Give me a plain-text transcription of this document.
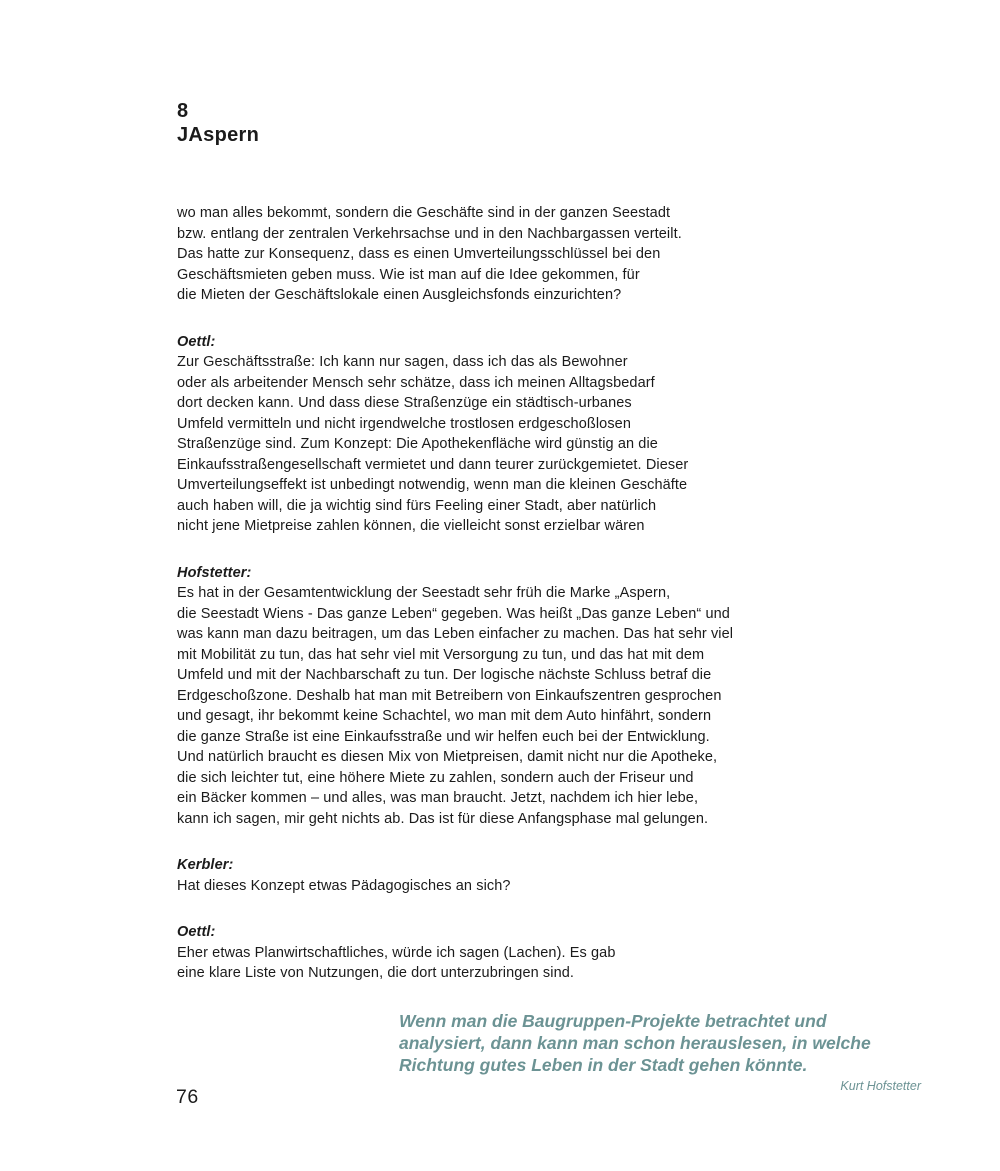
8
JAspern
wo man alles bekommt, sondern die Geschäfte sind in der ganzen Seestadt
bzw. entlang der zentralen Verkehrsachse und in den Nachbargassen verteilt.
Das hatte zur Konsequenz, dass es einen Umverteilungsschlüssel bei den
Geschäftsmieten geben muss. Wie ist man auf die Idee gekommen, für
die Mieten der Geschäftslokale einen Ausgleichsfonds einzurichten?
Oettl:
Zur Geschäftsstraße: Ich kann nur sagen, dass ich das als Bewohner
oder als arbeitender Mensch sehr schätze, dass ich meinen Alltagsbedarf
dort decken kann. Und dass diese Straßenzüge ein städtisch-urbanes
Umfeld vermitteln und nicht irgendwelche trostlosen erdgeschoßlosen
Straßenzüge sind. Zum Konzept: Die Apothekenfläche wird günstig an die
Einkaufsstraßengesellschaft vermietet und dann teurer zurückgemietet. Dieser
Umverteilungseffekt ist unbedingt notwendig, wenn man die kleinen Geschäfte
auch haben will, die ja wichtig sind fürs Feeling einer Stadt, aber natürlich
nicht jene Mietpreise zahlen können, die vielleicht sonst erzielbar wären
Hofstetter:
Es hat in der Gesamtentwicklung der Seestadt sehr früh die Marke „Aspern,
die Seestadt Wiens - Das ganze Leben“ gegeben. Was heißt „Das ganze Leben“ und
was kann man dazu beitragen, um das Leben einfacher zu machen. Das hat sehr viel
mit Mobilität zu tun, das hat sehr viel mit Versorgung zu tun, und das hat mit dem
Umfeld und mit der Nachbarschaft zu tun. Der logische nächste Schluss betraf die
Erdgeschoßzone. Deshalb hat man mit Betreibern von Einkaufszentren gesprochen
und gesagt, ihr bekommt keine Schachtel, wo man mit dem Auto hinfährt, sondern
die ganze Straße ist eine Einkaufsstraße und wir helfen euch bei der Entwicklung.
Und natürlich braucht es diesen Mix von Mietpreisen, damit nicht nur die Apotheke,
die sich leichter tut, eine höhere Miete zu zahlen, sondern auch der Friseur und
ein Bäcker kommen – und alles, was man braucht. Jetzt, nachdem ich hier lebe,
kann ich sagen, mir geht nichts ab. Das ist für diese Anfangsphase mal gelungen.
Kerbler:
Hat dieses Konzept etwas Pädagogisches an sich?
Oettl:
Eher etwas Planwirtschaftliches, würde ich sagen (Lachen). Es gab
eine klare Liste von Nutzungen, die dort unterzubringen sind.
Wenn man die Baugruppen-Projekte betrachtet und
analysiert, dann kann man schon herauslesen, in welche
Richtung gutes Leben in der Stadt gehen könnte.
Kurt Hofstetter
76
